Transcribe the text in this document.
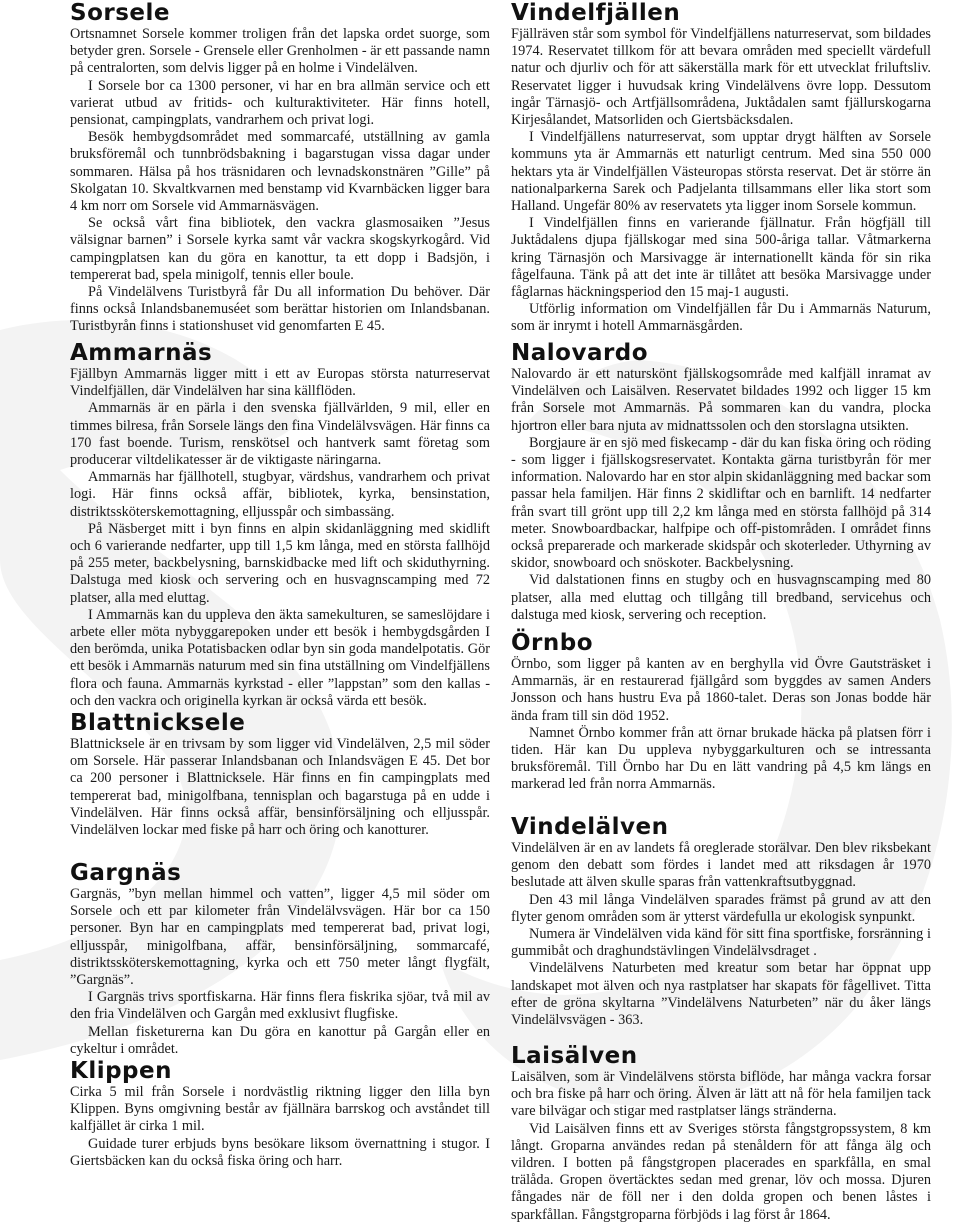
Sorsele

Ortsnamnet Sorsele kommer troligen från det lapska ordet suorge, som betyder gren. Sorsele - Grensele eller Grenholmen - är ett passande namn på centralorten, som delvis ligger på en holme i Vindelälven.

I Sorsele bor ca 1300 personer, vi har en bra allmän service och ett varierat utbud av fritids- och kulturaktiviteter. Här finns hotell, pensionat, campingplats, vandrarhem och privat logi.

Besök hembygdsområdet med sommarcafé, utställning av gamla bruksföremål och tunnbrödsbakning i bagarstugan vissa dagar under sommaren. Hälsa på hos träsnidaren och levnadskonstnären ”Gille” på Skolgatan 10. Skvaltkvarnen med benstamp vid Kvarnbäcken ligger bara 4 km norr om Sorsele vid Ammarnäsvägen.

Se också vårt fina bibliotek, den vackra glasmosaiken ”Jesus välsignar barnen” i Sorsele kyrka samt vår vackra skogskyrkogård. Vid campingplatsen kan du göra en kanottur, ta ett dopp i Badsjön, i tempererat bad, spela minigolf, tennis eller boule.

På Vindelälvens Turistbyrå får Du all information Du behöver. Där finns också Inlandsbanemuséet som berättar historien om Inlandsbanan. Turistbyrån finns i stationshuset vid genomfarten E 45.

Ammarnäs

Fjällbyn Ammarnäs ligger mitt i ett av Europas största naturreservat Vindelfjällen, där Vindelälven har sina källflöden.

Ammarnäs är en pärla i den svenska fjällvärlden, 9 mil, eller en timmes bilresa, från Sorsele längs den fina Vindelälvsvägen. Här finns ca 170 fast boende. Turism, renskötsel och hantverk samt företag som producerar viltdelikatesser är de viktigaste näringarna.

Ammarnäs har fjällhotell, stugbyar, värdshus, vandrarhem och privat logi. Här finns också affär, bibliotek, kyrka, bensinstation, distriktssköterskemottagning, elljusspår och simbassäng.

På Näsberget mitt i byn finns en alpin skidanläggning med skidlift och 6 varierande nedfarter, upp till 1,5 km långa, med en största fallhöjd på 255 meter, backbelysning, barnskidbacke med lift och skiduthyrning. Dalstuga med kiosk och servering och en husvagnscamping med 72 platser, alla med eluttag.

I Ammarnäs kan du uppleva den äkta samekulturen, se sameslöjdare i arbete eller möta nybyggarepoken under ett besök i hembygdsgården I den berömda, unika Potatisbacken odlar byn sin goda mandelpotatis. Gör ett besök i Ammarnäs naturum med sin fina utställning om Vindelfjällens flora och fauna. Ammarnäs kyrkstad - eller ”lappstan” som den kallas - och den vackra och originella kyrkan är också värda ett besök.

Blattnicksele

Blattnicksele är en trivsam by som ligger vid Vindelälven, 2,5 mil söder om Sorsele. Här passerar Inlandsbanan och Inlandsvägen E 45. Det bor ca 200 personer i Blattnicksele. Här finns en fin campingplats med tempererat bad, minigolfbana, tennisplan och bagarstuga på en udde i Vindelälven. Här finns också affär, bensinförsäljning och elljusspår. Vindelälven lockar med fiske på harr och öring och kanotturer.

Gargnäs

Gargnäs, ”byn mellan himmel och vatten”, ligger 4,5 mil söder om Sorsele och ett par kilometer från Vindelälvsvägen. Här bor ca 150 personer. Byn har en campingplats med tempererat bad, privat logi, elljusspår, minigolfbana, affär, bensinförsäljning, sommarcafé, distriktssköterskemottagning, kyrka och ett 750 meter långt flygfält, ”Gargnäs”.

I Gargnäs trivs sportfiskarna. Här finns flera fiskrika sjöar, två mil av den fria Vindelälven och Gargån med exklusivt flugfiske.

Mellan fisketurerna kan Du göra en kanottur på Gargån eller en cykeltur i området.

Klippen

Cirka 5 mil från Sorsele i nordvästlig riktning ligger den lilla byn Klippen. Byns omgivning består av fjällnära barrskog och avståndet till kalfjället är cirka 1 mil.

Guidade turer erbjuds byns besökare liksom övernattning i stugor. I Giertsbäcken kan du också fiska öring och harr.

Vindelfjällen

Fjällräven står som symbol för Vindelfjällens naturreservat, som bildades 1974. Reservatet tillkom för att bevara områden med speciellt värdefull natur och djurliv och för att säkerställa mark för ett utvecklat friluftsliv. Reservatet ligger i huvudsak kring Vindelälvens övre lopp. Dessutom ingår Tärnasjö- och Artfjällsområdena, Juktådalen samt fjällurskogarna Kirjesålandet, Matsorliden och Giertsbäcksdalen.

I Vindelfjällens naturreservat, som upptar drygt hälften av Sorsele kommuns yta är Ammarnäs ett naturligt centrum. Med sina 550 000 hektars yta är Vindelfjällen Västeuropas största reservat. Det är större än nationalparkerna Sarek och Padjelanta tillsammans eller lika stort som Halland. Ungefär 80% av reservatets yta ligger inom Sorsele kommun.

I Vindelfjällen finns en varierande fjällnatur. Från högfjäll till Juktådalens djupa fjällskogar med sina 500-åriga tallar. Våtmarkerna kring Tärnasjön och Marsivagge är internationellt kända för sin rika fågelfauna. Tänk på att det inte är tillåtet att besöka Marsivagge under fåglarnas häckningsperiod den 15 maj-1 augusti.

Utförlig information om Vindelfjällen får Du i Ammarnäs Naturum, som är inrymt i hotell Ammarnäsgården.

Nalovardo

Nalovardo är ett naturskönt fjällskogsområde med kalfjäll inramat av Vindelälven och Laisälven. Reservatet bildades 1992 och ligger 15 km från Sorsele mot Ammarnäs. På sommaren kan du vandra, plocka hjortron eller bara njuta av midnattssolen och den storslagna utsikten.

Borgjaure är en sjö med fiskecamp - där du kan fiska öring och röding - som ligger i fjällskogsreservatet. Kontakta gärna turistbyrån för mer information. Nalovardo har en stor alpin skidanläggning med backar som passar hela familjen. Här finns 2 skidliftar och en barnlift. 14 nedfarter från svart till grönt upp till 2,2 km långa med en största fallhöjd på 314 meter. Snowboardbackar, halfpipe och off-pistområden. I området finns också preparerade och markerade skidspår och skoterleder. Uthyrning av skidor, snowboard och snöskoter. Backbelysning.

Vid dalstationen finns en stugby och en husvagnscamping med 80 platser, alla med eluttag och tillgång till bredband, servicehus och dalstuga med kiosk, servering och reception.

Örnbo

Örnbo, som ligger på kanten av en berghylla vid Övre Gautsträsket i Ammarnäs, är en restaurerad fjällgård som byggdes av samen Anders Jonsson och hans hustru Eva på 1860-talet. Deras son Jonas bodde här ända fram till sin död 1952.

Namnet Örnbo kommer från att örnar brukade häcka på platsen förr i tiden. Här kan Du uppleva nybyggarkulturen och se intressanta bruksföremål. Till Örnbo har Du en lätt vandring på 4,5 km längs en markerad led från norra Ammarnäs.

Vindelälven

Vindelälven är en av landets få oreglerade storälvar. Den blev riksbekant genom den debatt som fördes i landet med att riksdagen år 1970 beslutade att älven skulle sparas från vattenkraftsutbyggnad.

Den 43 mil långa Vindelälven sparades främst på grund av att den flyter genom områden som är ytterst värdefulla ur ekologisk synpunkt.

Numera är Vindelälven vida känd för sitt fina sportfiske, forsränning i gummibåt och draghundstävlingen Vindelälvsdraget .

Vindelälvens Naturbeten med kreatur som betar har öppnat upp landskapet mot älven och nya rastplatser har skapats för fågellivet. Titta efter de gröna skyltarna ”Vindelälvens Naturbeten” när du åker längs Vindelälvsvägen - 363.

Laisälven

Laisälven, som är Vindelälvens största biflöde, har många vackra forsar och bra fiske på harr och öring. Älven är lätt att nå för hela familjen tack vare bilvägar och stigar med rastplatser längs stränderna.

Vid Laisälven finns ett av Sveriges största fångstgropssystem, 8 km långt. Groparna användes redan på stenåldern för att fånga älg och vildren. I botten på fångstgropen placerades en sparkfålla, en smal trälåda. Gropen övertäcktes sedan med grenar, löv och mossa. Djuren fångades när de föll ner i den dolda gropen och benen låstes i sparkfållan. Fångstgroparna förbjöds i lag först år 1864.
